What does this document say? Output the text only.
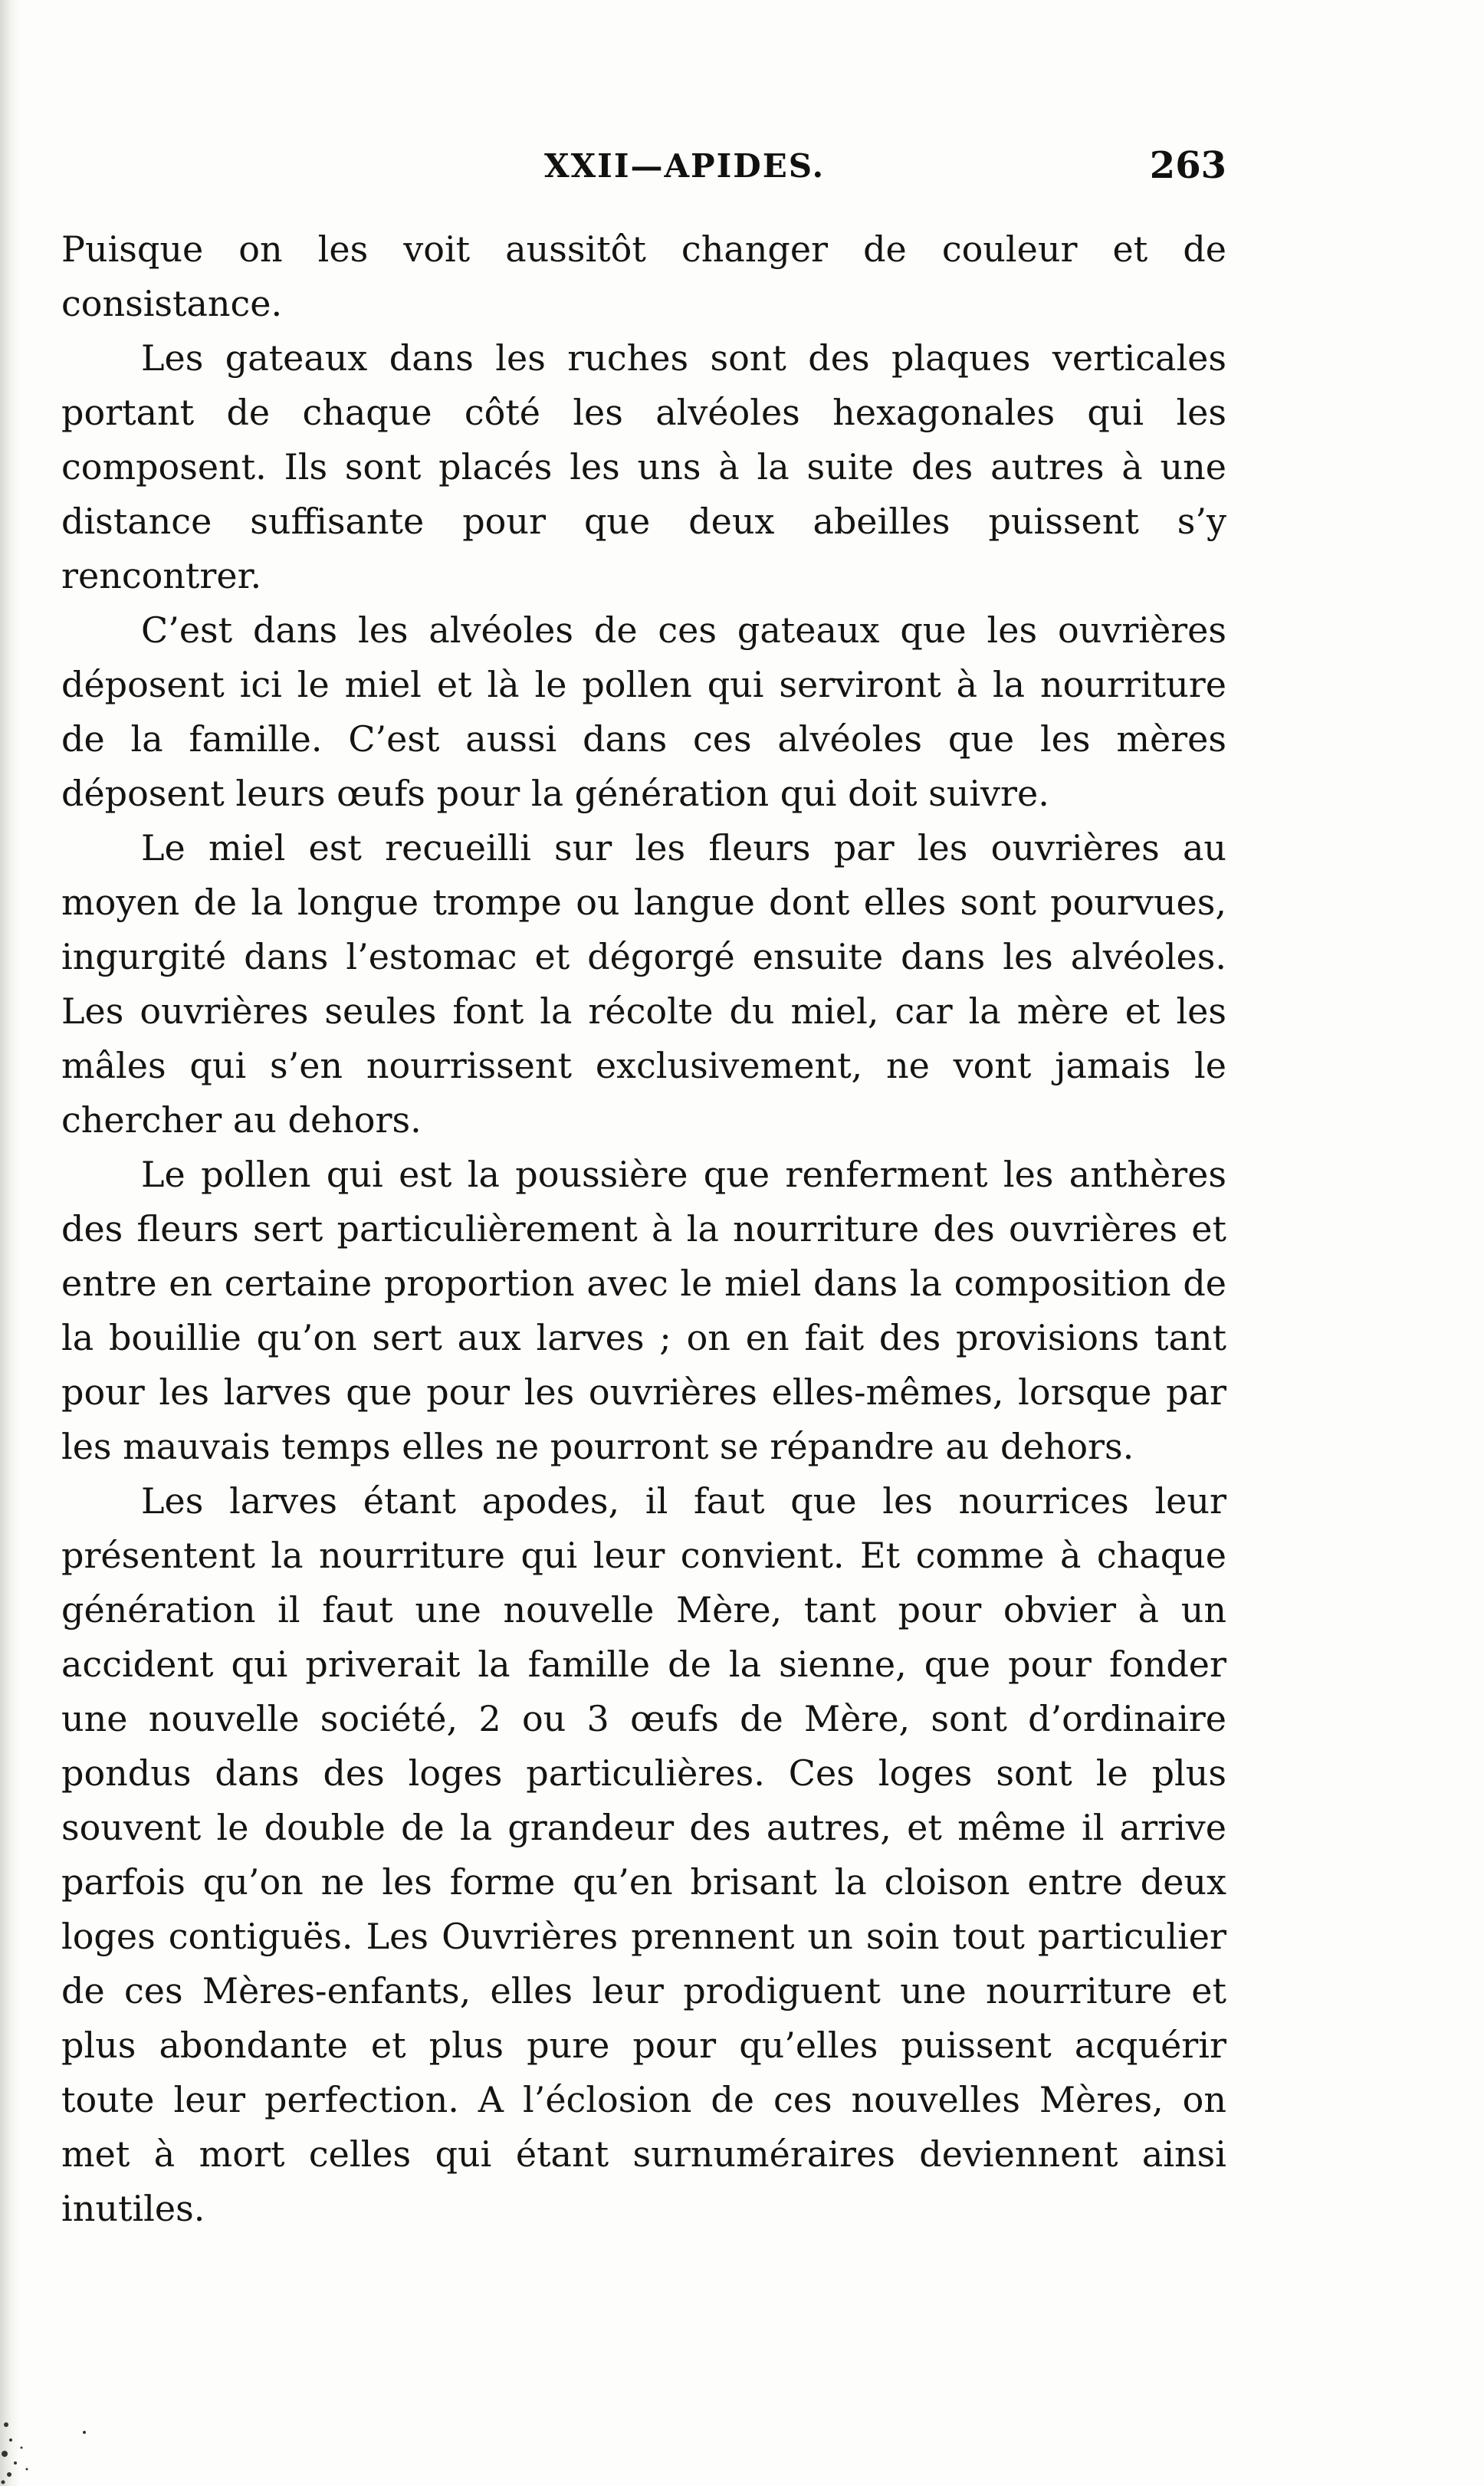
XXII—APIDES.	263

Puisque on les voit aussitôt changer de couleur et de consistance.

Les gateaux dans les ruches sont des plaques verticales portant de chaque côté les alvéoles hexagonales qui les composent. Ils sont placés les uns à la suite des autres à une distance suffisante pour que deux abeilles puissent s’y rencontrer.

C’est dans les alvéoles de ces gateaux que les ouvrières déposent ici le miel et là le pollen qui serviront à la nourriture de la famille. C’est aussi dans ces alvéoles que les mères déposent leurs œufs pour la génération qui doit suivre.

Le miel est recueilli sur les fleurs par les ouvrières au moyen de la longue trompe ou langue dont elles sont pourvues, ingurgité dans l’estomac et dégorgé ensuite dans les alvéoles. Les ouvrières seules font la récolte du miel, car la mère et les mâles qui s’en nourrissent exclusivement, ne vont jamais le chercher au dehors.

Le pollen qui est la poussière que renferment les anthères des fleurs sert particulièrement à la nourriture des ouvrières et entre en certaine proportion avec le miel dans la composition de la bouillie qu’on sert aux larves ; on en fait des provisions tant pour les larves que pour les ouvrières elles-mêmes, lorsque par les mauvais temps elles ne pourront se répandre au dehors.

Les larves étant apodes, il faut que les nourrices leur présentent la nourriture qui leur convient. Et comme à chaque génération il faut une nouvelle Mère, tant pour obvier à un accident qui priverait la famille de la sienne, que pour fonder une nouvelle société, 2 ou 3 œufs de Mère, sont d’ordinaire pondus dans des loges particulières. Ces loges sont le plus souvent le double de la grandeur des autres, et même il arrive parfois qu’on ne les forme qu’en brisant la cloison entre deux loges contiguës. Les Ouvrières prennent un soin tout particulier de ces Mères-enfants, elles leur prodiguent une nourriture et plus abondante et plus pure pour qu’elles puissent acquérir toute leur perfection. A l’éclosion de ces nouvelles Mères, on met à mort celles qui étant surnuméraires deviennent ainsi inutiles.
